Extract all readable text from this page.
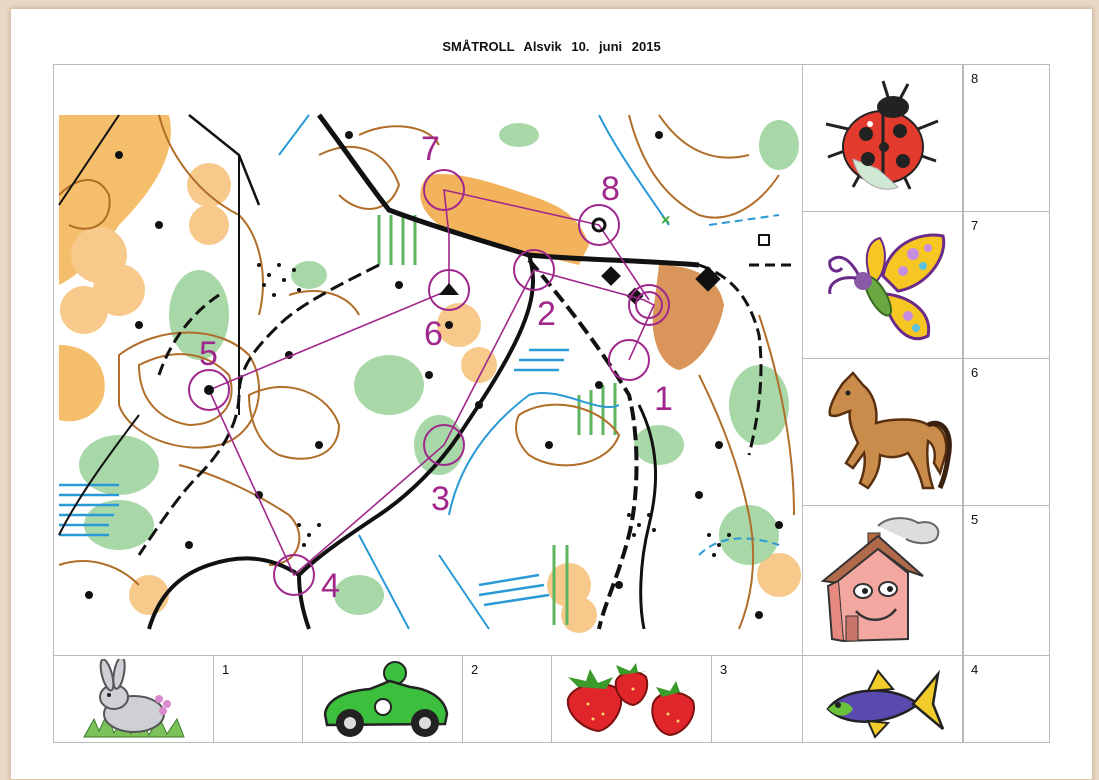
SMÅTROLL Alsvik 10. juni 2015
1
2
3
4
5
6
7
8
×
8
7
6
5
1	2	3	4
